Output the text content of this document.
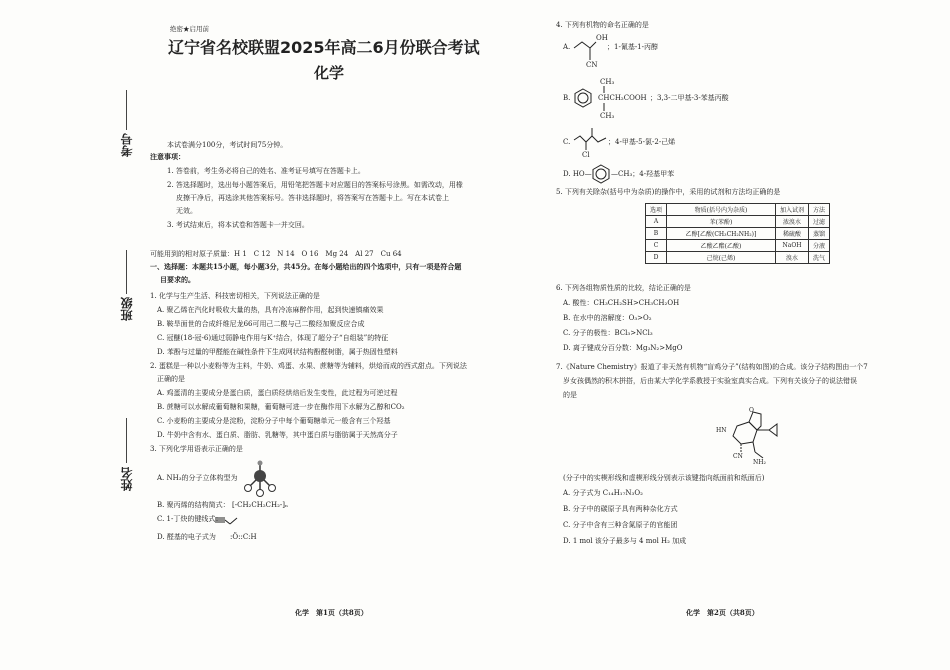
考号
班级
姓名
绝密★启用前
辽宁省名校联盟2025年高二6月份联合考试
化学
本试卷满分100分，考试时间75分钟。
注意事项：
1. 答卷前，考生务必将自己的姓名、准考证号填写在答题卡上。
2. 答选择题时，选出每小题答案后，用铅笔把答题卡对应题目的答案标号涂黑。如需改动，用橡
皮擦干净后，再选涂其他答案标号。答非选择题时，将答案写在答题卡上。写在本试卷上
无效。
3. 考试结束后，将本试卷和答题卡一并交回。
可能用到的相对原子质量：H 1　C 12　N 14　O 16　Mg 24　Al 27　Cu 64
一、选择题：本题共15小题，每小题3分，共45分。在每小题给出的四个选项中，只有一项是符合题
目要求的。
1. 化学与生产生活、科技密切相关，下列说法正确的是
A. 聚乙烯在汽化时吸收大量的热，具有冷冻麻醉作用，起到快速镇痛效果
B. 鞍旱面世的合成纤维尼龙66可用己二酸与己二酸经加聚反应合成
C. 冠醚(18-冠-6)通过弱静电作用与K⁺结合，体现了超分子“自组装”的特征
D. 苯酚与过量的甲醛能在碱性条件下生成网状结构酚醛树脂，属于热固性塑料
2. 蛋糕是一种以小麦粉等为主料，牛奶、鸡蛋、水果、蔗糖等为辅料，烘焙而成的西式甜点。下列说法
正确的是
A. 鸡蛋清的主要成分是蛋白质，蛋白质经烘焙后发生变性，此过程为可逆过程
B. 蔗糖可以水解成葡萄糖和果糖，葡萄糖可进一步在酶作用下水解为乙醇和CO₂
C. 小麦粉的主要成分是淀粉，淀粉分子中每个葡萄糖单元一般含有三个羟基
D. 牛奶中含有水、蛋白质、脂肪、乳糖等，其中蛋白质与脂肪属于天然高分子
3. 下列化学用语表示正确的是
A. NH₃的分子立体构型为
B. 聚丙烯的结构简式： [-CH₂CH₂CH₂-]ₙ
C. 1-丁炔的键线式：
D. 醛基的电子式为 :Ö::C:H
化学　第1页（共8页）
4. 下列有机物的命名正确的是
A.
OH
；1-氰基-1-丙醇
CN
CH₃
B.	CHCH₂COOH ；3,3-二甲基-3-苯基丙酸
CH₃
C.	；4-甲基-5-氯-2-己烯
Cl
D. HO—	—CH₃；4-羟基甲苯
5. 下列有关除杂(括号中为杂质)的操作中，采用的试剂和方法均正确的是
选项	物质(括号内为杂质)	加入试剂	方法
A	苯(苯酚)	浓溴水	过滤
B	乙醇[乙酸(CH₃CH₂NH₂)]	稀硫酸	蒸馏
C	乙酸乙酯(乙酸)	NaOH	分液
D	己烷(己烯)	溴水	洗气
6. 下列各组物质性质的比较，结论正确的是
A. 酸性：CH₃CH₂SH>CH₃CH₂OH
B. 在水中的溶解度：O₃>O₂
C. 分子的极性：BCl₃>NCl₃
D. 离子键成分百分数：Mg₃N₂>MgO
7.《Nature Chemistry》报道了非天然有机物“盲鸡分子”(结构如图)的合成。该分子结构图由一个7
岁女孩偶然的积木拼搭，后由某大学化学系教授于实验室真实合成。下列有关该分子的说法错误
的是
O
HN
CN
NH₂
(分子中的实楔形线和虚楔形线分别表示该键指向纸面前和纸面后)
A. 分子式为 C₁₄H₁₇N₃O₂
B. 分子中的碳原子具有两种杂化方式
C. 分子中含有三种含氮原子的官能团
D. 1 mol 该分子最多与 4 mol H₂ 加成
化学　第2页（共8页）
